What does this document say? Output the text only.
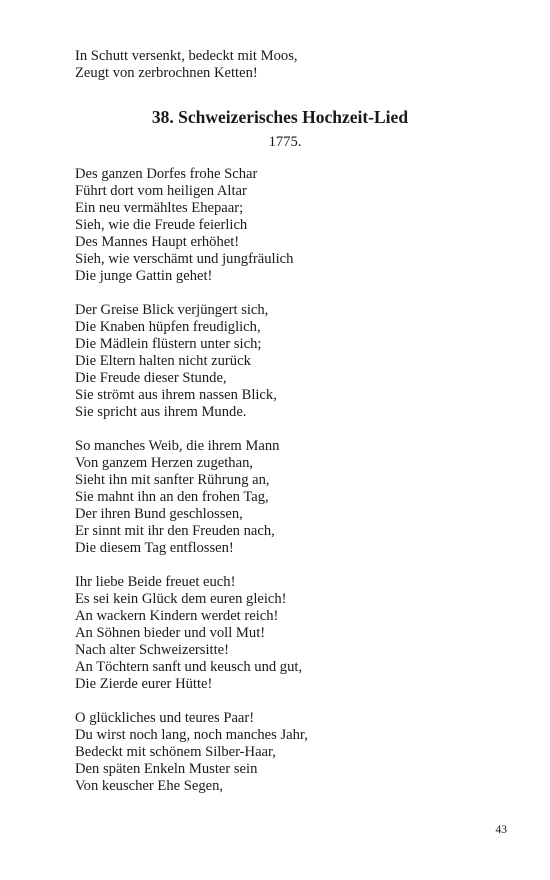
In Schutt versenkt, bedeckt mit Moos,
Zeugt von zerbrochnen Ketten!
38. Schweizerisches Hochzeit-Lied
1775.
Des ganzen Dorfes frohe Schar
Führt dort vom heiligen Altar
Ein neu vermähltes Ehepaar;
Sieh, wie die Freude feierlich
Des Mannes Haupt erhöhet!
Sieh, wie verschämt und jungfräulich
Die junge Gattin gehet!
Der Greise Blick verjüngert sich,
Die Knaben hüpfen freudiglich,
Die Mädlein flüstern unter sich;
Die Eltern halten nicht zurück
Die Freude dieser Stunde,
Sie strömt aus ihrem nassen Blick,
Sie spricht aus ihrem Munde.
So manches Weib, die ihrem Mann
Von ganzem Herzen zugethan,
Sieht ihn mit sanfter Rührung an,
Sie mahnt ihn an den frohen Tag,
Der ihren Bund geschlossen,
Er sinnt mit ihr den Freuden nach,
Die diesem Tag entflossen!
Ihr liebe Beide freuet euch!
Es sei kein Glück dem euren gleich!
An wackern Kindern werdet reich!
An Söhnen bieder und voll Mut!
Nach alter Schweizersitte!
An Töchtern sanft und keusch und gut,
Die Zierde eurer Hütte!
O glückliches und teures Paar!
Du wirst noch lang, noch manches Jahr,
Bedeckt mit schönem Silber-Haar,
Den späten Enkeln Muster sein
Von keuscher Ehe Segen,
43
